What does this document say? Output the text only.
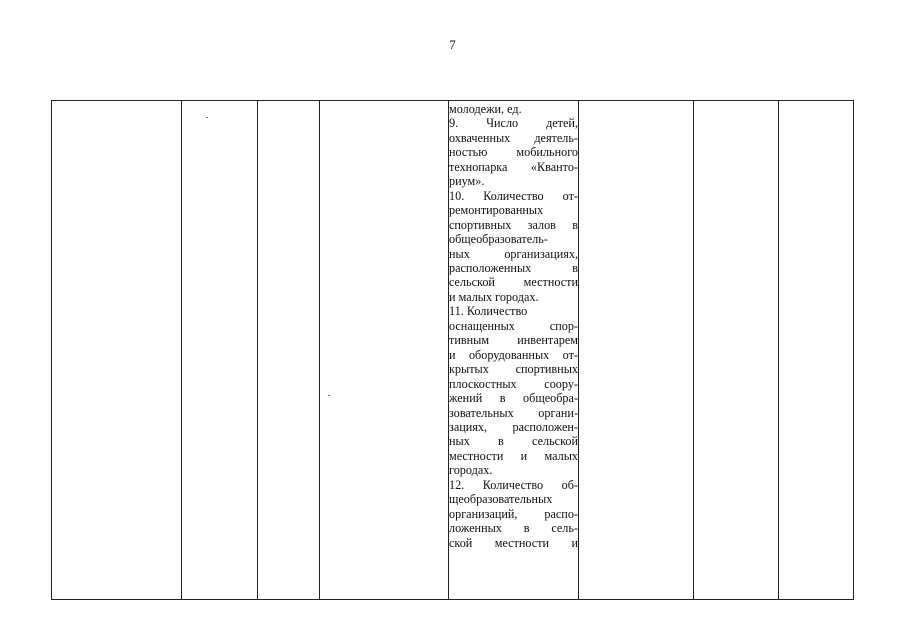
7
молодежи, ед.
9. Число детей,
охваченных деятель-
ностью мобильного
технопарка «Кванто-
риум».
10. Количество от-
ремонтированных
спортивных залов в
общеобразователь-
ных организациях,
расположенных в
сельской местности
и малых городах.
11. Количество
оснащенных спор-
тивным инвентарем
и оборудованных от-
крытых спортивных
плоскостных соору-
жений в общеобра-
зовательных органи-
зациях, расположен-
ных в сельской
местности и малых
городах.
12. Количество об-
щеобразовательных
организаций, распо-
ложенных в сель-
ской местности и
